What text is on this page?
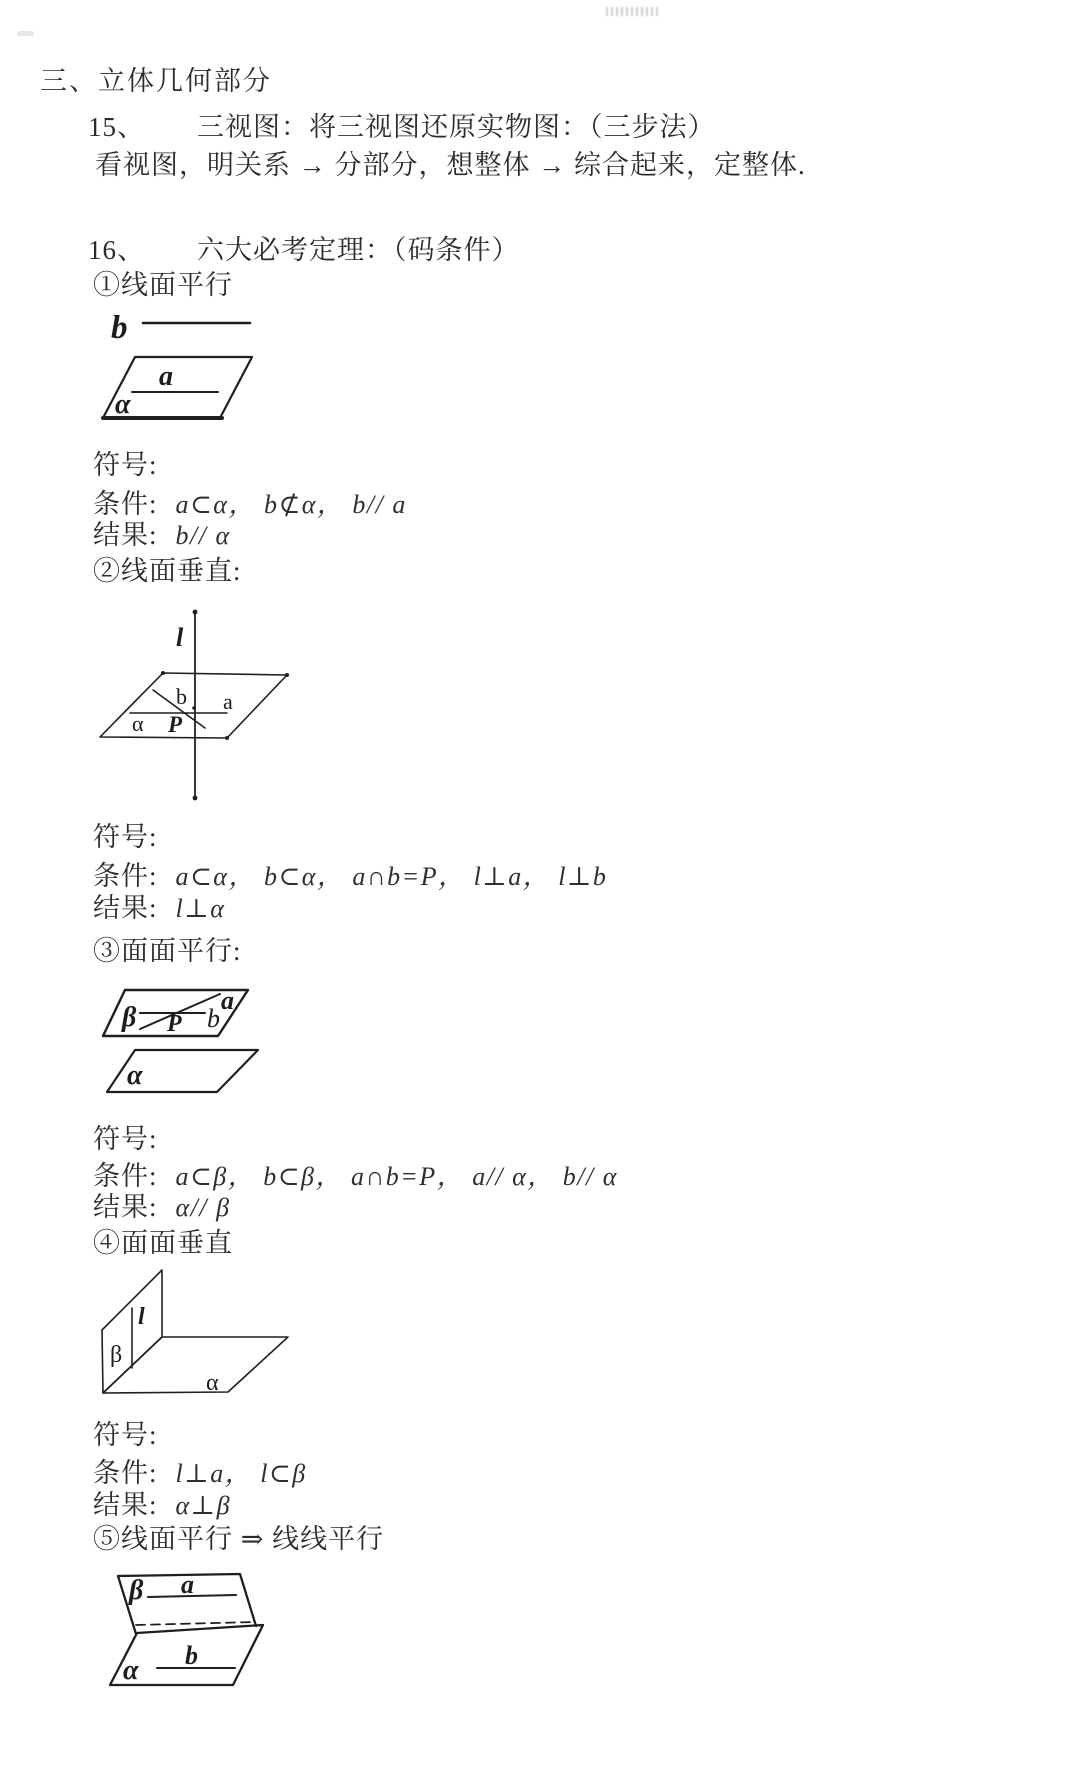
三、立体几何部分
15、 三视图：将三视图还原实物图：（三步法）
看视图，明关系 → 分部分，想整体 → 综合起来，定整体.
16、 六大必考定理：（码条件）
①线面平行
b
a
α
符号:
条件: a⊂α， b⊄α， b// a
结果: b// α
②线面垂直:
l
b a
α P
符号:
条件: a⊂α， b⊂α， a∩b=P， l⊥a， l⊥b
结果: l⊥α
③面面平行:
β	b
a
P
α
符号:
条件: a⊂β， b⊂β， a∩b=P， a// α， b// α
结果: α// β
④面面垂直
l
β
α
符号:
条件: l⊥a， l⊂β
结果: α⊥β
⑤线面平行 ⇒ 线线平行
β a
b
α
